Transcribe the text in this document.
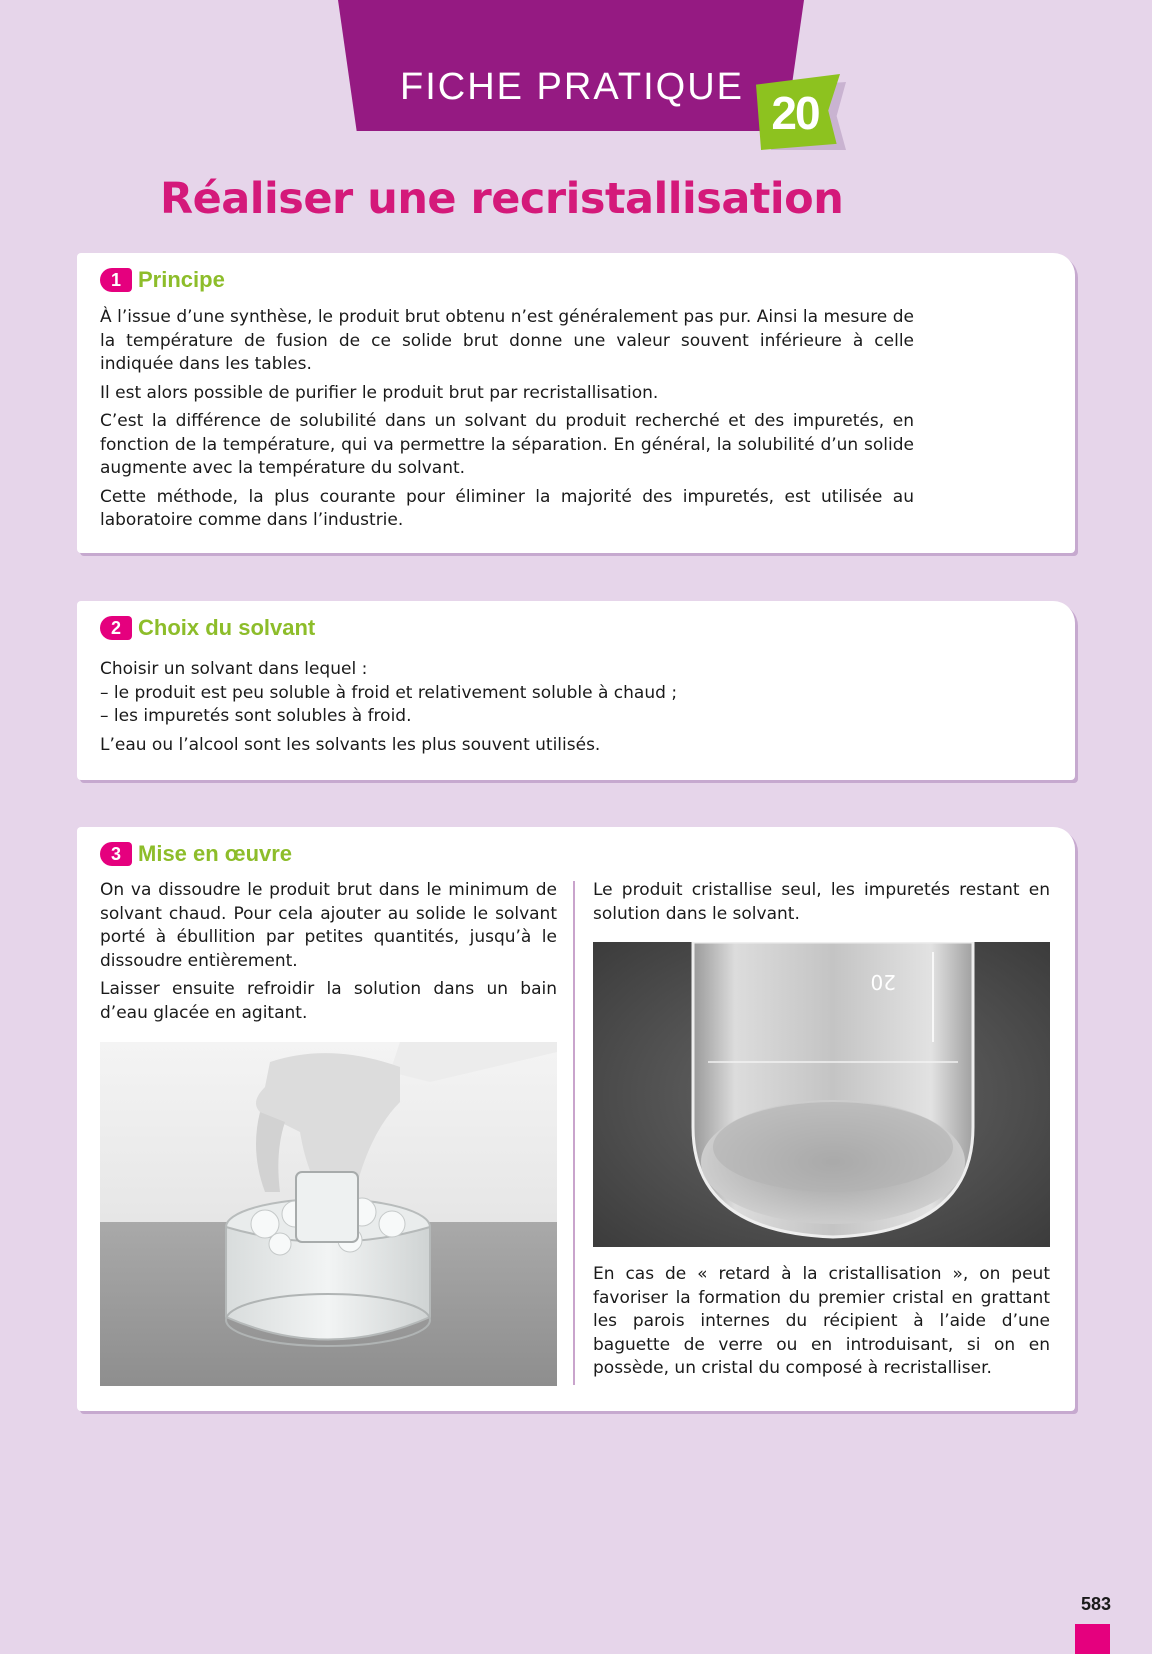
FICHE PRATIQUE 20
Réaliser une recristallisation
1 Principe

À l’issue d’une synthèse, le produit brut obtenu n’est généralement pas pur. Ainsi la mesure de la température de fusion de ce solide brut donne une valeur souvent inférieure à celle indiquée dans les tables.

Il est alors possible de purifier le produit brut par recristallisation.

C’est la différence de solubilité dans un solvant du produit recherché et des impuretés, en fonction de la température, qui va permettre la séparation. En général, la solubilité d’un solide augmente avec la température du solvant.

Cette méthode, la plus courante pour éliminer la majorité des impuretés, est utilisée au laboratoire comme dans l’industrie.

2 Choix du solvant
Choisir un solvant dans lequel :
– le produit est peu soluble à froid et relativement soluble à chaud ;
– les impuretés sont solubles à froid.

L’eau ou l’alcool sont les solvants les plus souvent utilisés.

3 Mise en œuvre

On va dissoudre le produit brut dans le minimum de solvant chaud. Pour cela ajouter au solide le solvant porté à ébullition par petites quantités, jusqu’à le dissoudre entièrement.

Laisser ensuite refroidir la solution dans un bain d’eau glacée en agitant.

Le produit cristallise seul, les impuretés restant en solution dans le solvant.

20

En cas de « retard à la cristallisation », on peut favoriser la formation du premier cristal en grattant les parois internes du récipient à l’aide d’une baguette de verre ou en introduisant, si on en possède, un cristal du composé à recristalliser.

583
